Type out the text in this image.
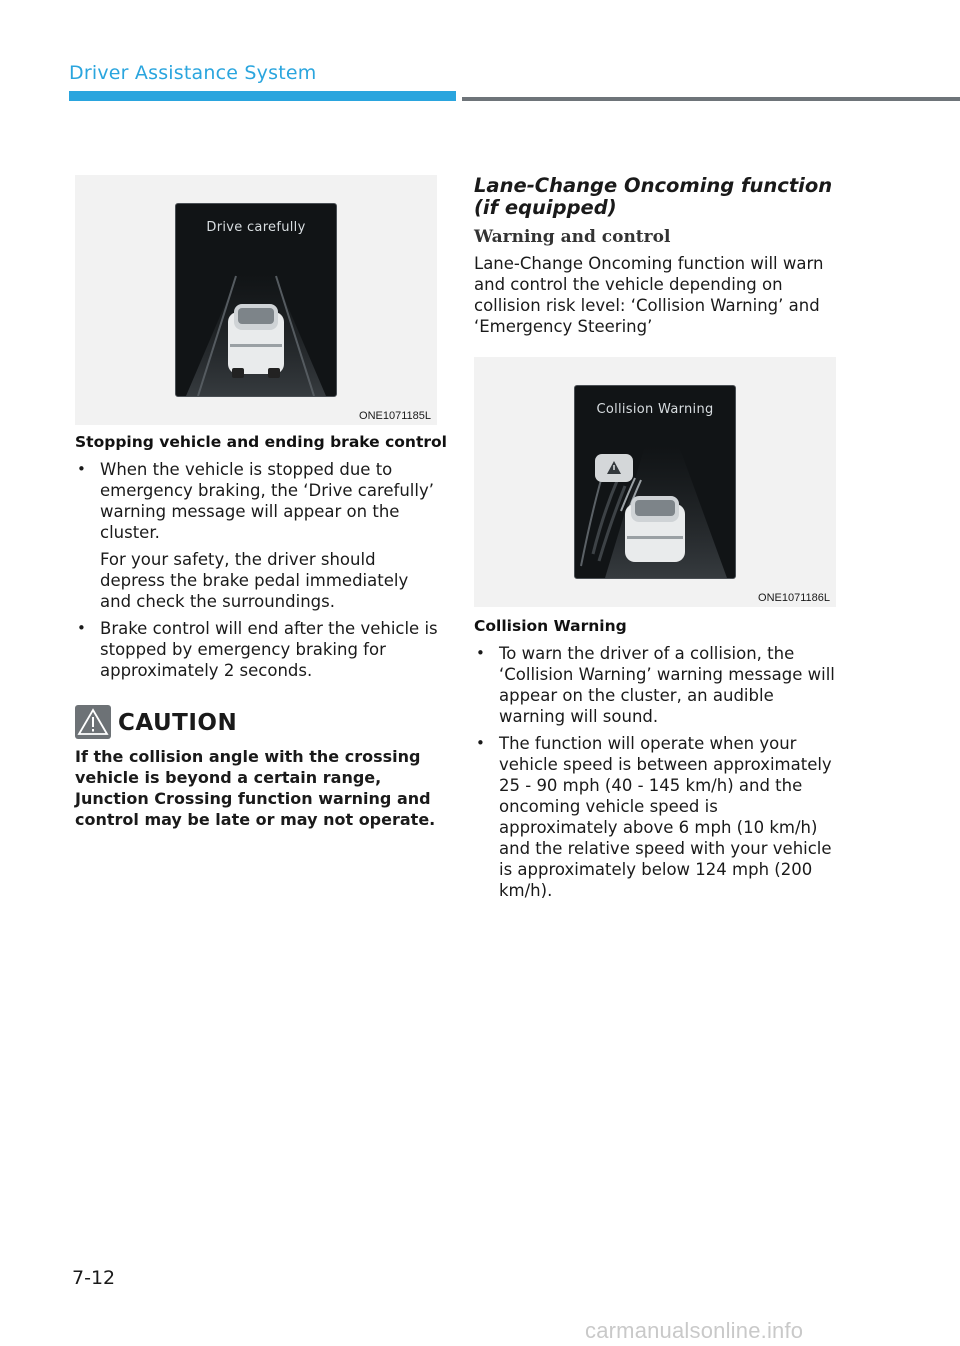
Driver Assistance System
Drive carefully
ONE1071185L
Stopping vehicle and ending brake control
• When the vehicle is stopped due to emergency braking, the ‘Drive carefully’ warning message will appear on the cluster.
For your safety, the driver should depress the brake pedal immediately and check the surroundings.
• Brake control will end after the vehicle is stopped by emergency braking for approximately 2 seconds.
CAUTION
If the collision angle with the crossing vehicle is beyond a certain range, Junction Crossing function warning and control may be late or may not operate.
Lane-Change Oncoming function (if equipped)
Warning and control
Lane-Change Oncoming function will warn and control the vehicle depending on collision risk level: ‘Collision Warning’ and ‘Emergency Steering’
Collision Warning
ONE1071186L
Collision Warning
• To warn the driver of a collision, the ‘Collision Warning’ warning message will appear on the cluster, an audible warning will sound.
• The function will operate when your vehicle speed is between approximately 25 - 90 mph (40 - 145 km/h) and the oncoming vehicle speed is approximately above 6 mph (10 km/h) and the relative speed with your vehicle is approximately below 124 mph (200 km/h).
7-12
carmanualsonline.info
